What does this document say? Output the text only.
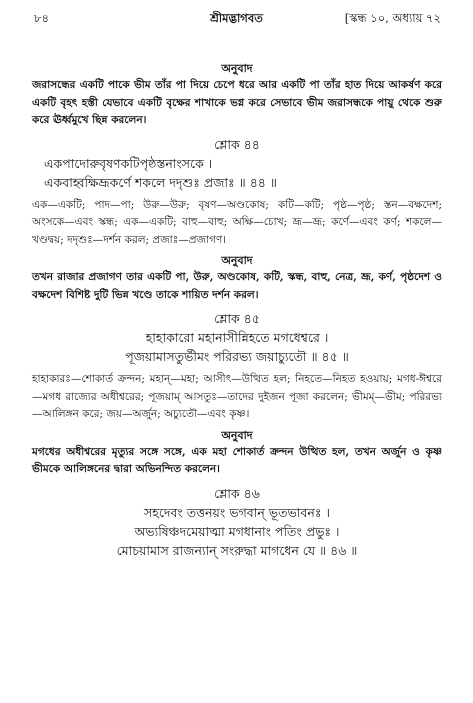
৮৪	শ্রীমদ্ভাগবত	[স্কন্ধ ১০, অধ্যায় ৭২

অনুবাদ

জরাসন্ধের একটি পাকে ভীম তাঁর পা দিয়ে চেপে ধরে আর একটি পা তাঁর হাত দিয়ে আকর্ষণ করে একটি বৃহৎ হস্তী যেভাবে একটি বৃক্ষের শাখাকে ভগ্ন করে সেভাবে ভীম জরাসন্ধকে পায়ু থেকে শুরু করে ঊর্ধ্বমুখে ছিন্ন করলেন।

শ্লোক ৪৪

একপাদোরুবৃষণকটিপৃষ্ঠস্তনাংসকে ।

একবাহ্বক্ষিভ্রূকর্ণে শকলে দদৃশুঃ প্রজাঃ ॥ ৪৪ ॥

এক—একটি; পাদ—পা; উরু—উরু; বৃষণ—অণ্ডকোষ; কটি—কটি; পৃষ্ঠ—পৃষ্ঠ; স্তন—বক্ষদেশ; অংসকে—এবং স্কন্ধ; এক—একটি; বাহু—বাহু; অক্ষি—চোখ; ভ্রূ—ভ্রূ; কর্ণে—এবং কর্ণ; শকলে—খণ্ডদ্বয়; দদৃশুঃ—দর্শন করল; প্রজাঃ—প্রজাগণ।

অনুবাদ

তখন রাজার প্রজাগণ তার একটি পা, উরু, অণ্ডকোষ, কটি, স্কন্ধ, বাহু, নেত্র, ভ্রূ, কর্ণ, পৃষ্ঠদেশ ও বক্ষদেশ বিশিষ্ট দুটি ভিন্ন খণ্ডে তাকে শায়িত দর্শন করল।

শ্লোক ৪৫

হাহাকারো মহানাসীন্নিহতে মগধেশ্বরে ।

পূজয়ামাসতুর্ভীমং পরিরভ্য জয়াচ্যুতৌ ॥ ৪৫ ॥

হাহাকারঃ—শোকার্ত ক্রন্দন; মহান্—মহা; আসীৎ—উত্থিত হল; নিহতে—নিহত হওয়ায়; মগধ-ঈশ্বরে—মগধ রাজ্যের অধীশ্বরের; পূজয়াম্ আসতুঃ—তাদের দুইজন পূজা করলেন; ভীমম্—ভীম; পরিরভ্য—আলিঙ্গন করে; জয়—অর্জুন; অচ্যুতৌ—এবং কৃষ্ণ।

অনুবাদ

মগধের অধীশ্বরের মৃত্যুর সঙ্গে সঙ্গে, এক মহা শোকার্ত ক্রন্দন উত্থিত হল, তখন অর্জুন ও কৃষ্ণ ভীমকে আলিঙ্গনের দ্বারা অভিনন্দিত করলেন।

শ্লোক ৪৬

সহদেবং তত্তনয়ং ভগবান্ ভূতভাবনঃ ।

অভ্যষিঞ্চদমেয়াত্মা মগধানাং পতিং প্রভুঃ ।

মোচয়ামাস রাজন্যান্ সংরুদ্ধা মাগধেন যে ॥ ৪৬ ॥
